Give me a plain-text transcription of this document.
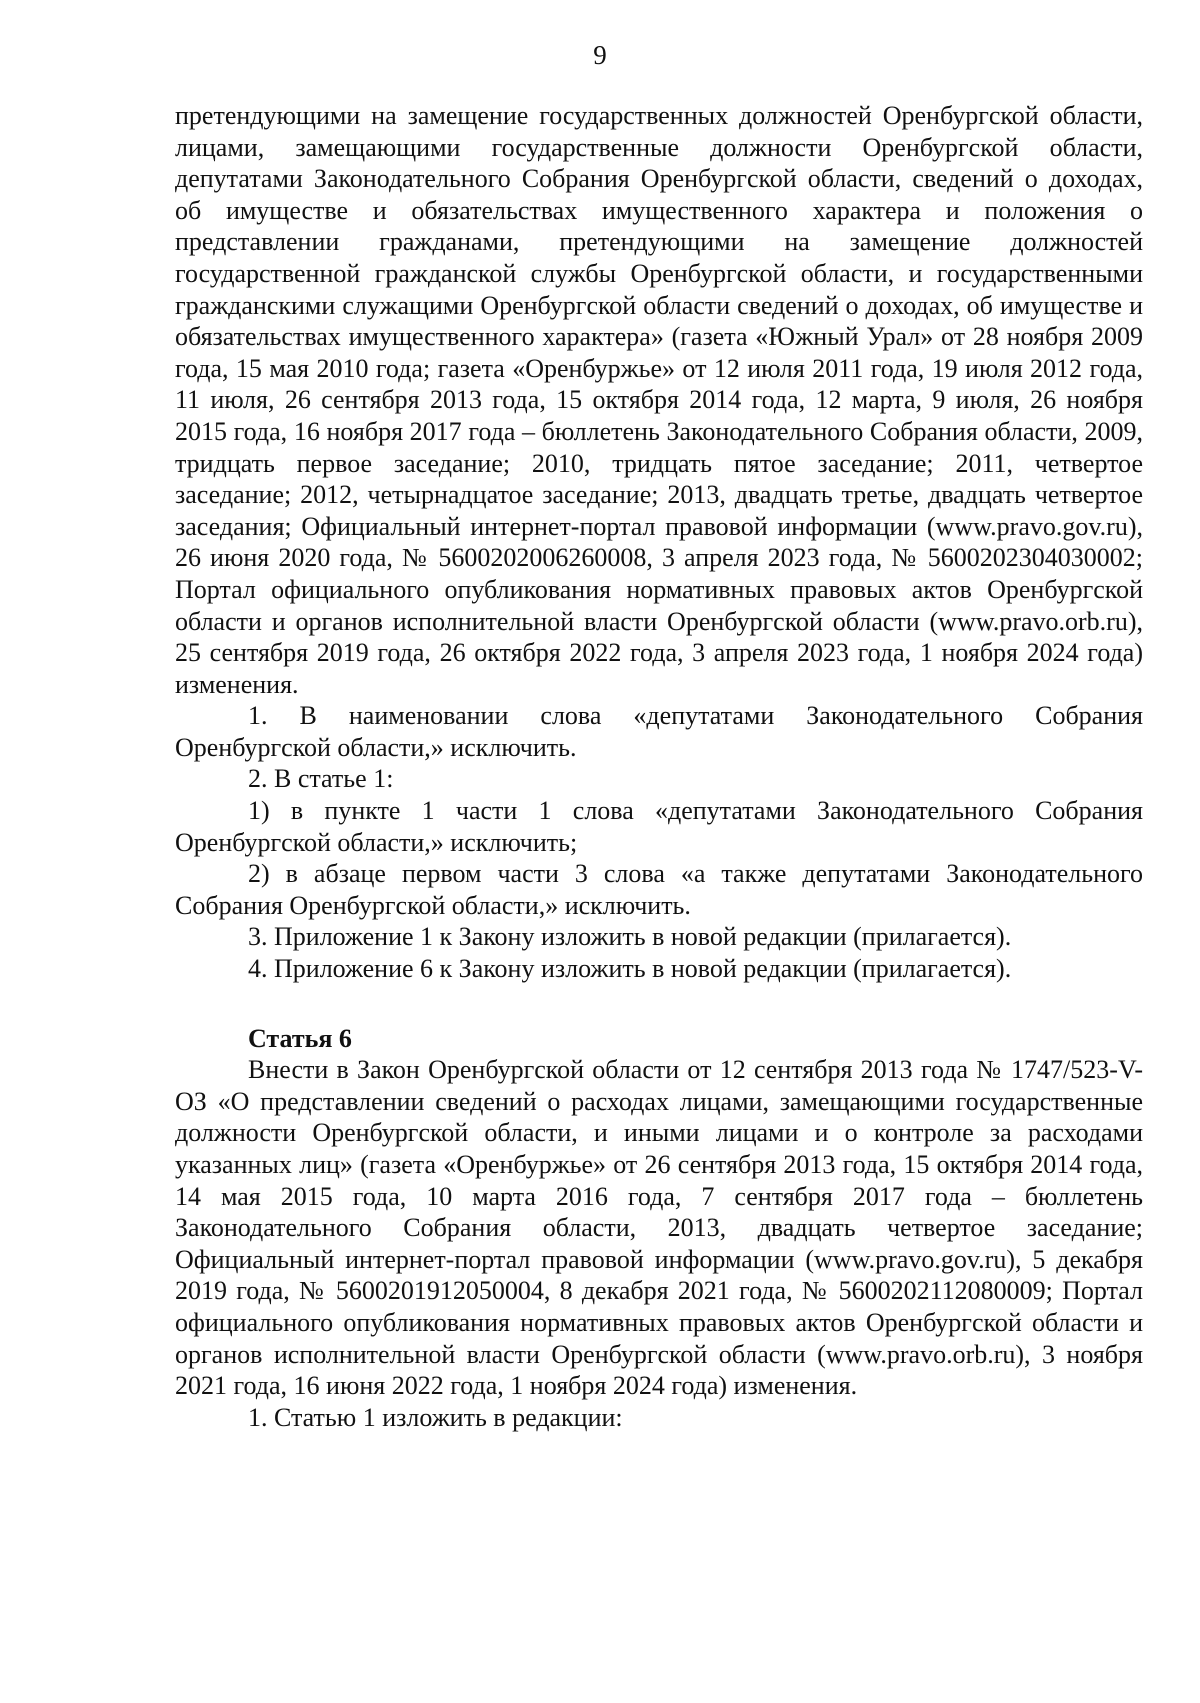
9

претендующими на замещение государственных должностей Оренбургской области, лицами, замещающими государственные должности Оренбургской области, депутатами Законодательного Собрания Оренбургской области, сведений о доходах, об имуществе и обязательствах имущественного характера и положения о представлении гражданами, претендующими на замещение должностей государственной гражданской службы Оренбургской области, и государственными гражданскими служащими Оренбургской области сведений о доходах, об имуществе и обязательствах имущественного характера» (газета «Южный Урал» от 28 ноября 2009 года, 15 мая 2010 года; газета «Оренбуржье» от 12 июля 2011 года, 19 июля 2012 года, 11 июля, 26 сентября 2013 года, 15 октября 2014 года, 12 марта, 9 июля, 26 ноября 2015 года, 16 ноября 2017 года – бюллетень Законодательного Собрания области, 2009, тридцать первое заседание; 2010, тридцать пятое заседание; 2011, четвертое заседание; 2012, четырнадцатое заседание; 2013, двадцать третье, двадцать четвертое заседания; Официальный интернет-портал правовой информации (www.pravo.gov.ru), 26 июня 2020 года, № 5600202006260008, 3 апреля 2023 года, № 5600202304030002; Портал официального опубликования нормативных правовых актов Оренбургской области и органов исполнительной власти Оренбургской области (www.pravo.orb.ru), 25 сентября 2019 года, 26 октября 2022 года, 3 апреля 2023 года, 1 ноября 2024 года) изменения.

1. В наименовании слова «депутатами Законодательного Собрания Оренбургской области,» исключить.

2. В статье 1:

1) в пункте 1 части 1 слова «депутатами Законодательного Собрания Оренбургской области,» исключить;

2) в абзаце первом части 3 слова «а также депутатами Законодательного Собрания Оренбургской области,» исключить.

3. Приложение 1 к Закону изложить в новой редакции (прилагается).

4. Приложение 6 к Закону изложить в новой редакции (прилагается).

Статья 6

Внести в Закон Оренбургской области от 12 сентября 2013 года № 1747/523-V-ОЗ «О представлении сведений о расходах лицами, замещающими государственные должности Оренбургской области, и иными лицами и о контроле за расходами указанных лиц» (газета «Оренбуржье» от 26 сентября 2013 года, 15 октября 2014 года, 14 мая 2015 года, 10 марта 2016 года, 7 сентября 2017 года – бюллетень Законодательного Собрания области, 2013, двадцать четвертое заседание; Официальный интернет-портал правовой информации (www.pravo.gov.ru), 5 декабря 2019 года, № 5600201912050004, 8 декабря 2021 года, № 5600202112080009; Портал официального опубликования нормативных правовых актов Оренбургской области и органов исполнительной власти Оренбургской области (www.pravo.orb.ru), 3 ноября 2021 года, 16 июня 2022 года, 1 ноября 2024 года) изменения.

1. Статью 1 изложить в редакции:
